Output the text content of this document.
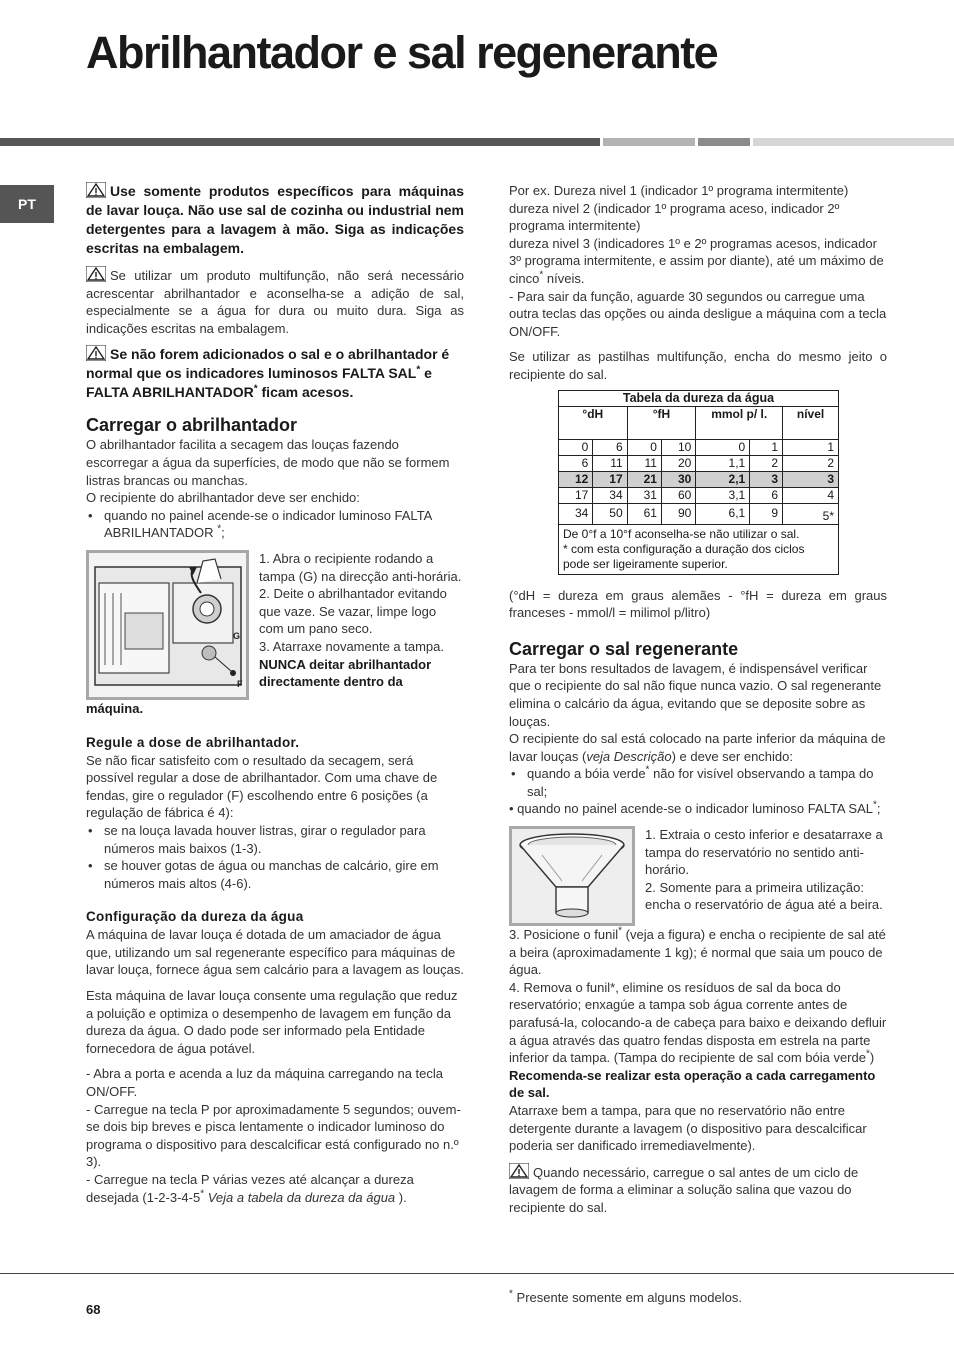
Abrilhantador e sal regenerante
PT

Use somente produtos específicos para máquinas de lavar louça. Não use sal de cozinha ou industrial nem detergentes para a lavagem à mão. Siga as indicações escritas na embalagem.

Se utilizar um produto multifunção, não será necessário acrescentar abrilhantador e aconselha-se a adição de sal, especialmente se a água for dura ou muito dura. Siga as indicações escritas na embalagem.

Se não forem adicionados o sal e o abrilhantador é normal que os indicadores luminosos FALTA SAL* e FALTA ABRILHANTADOR* ficam acesos.

Carregar o abrilhantador

O abrilhantador facilita a secagem das louças fazendo escorregar a água da superfícies, de modo que não se formem listras brancas ou manchas.

O recipiente do abrilhantador deve ser enchido:

• quando no painel acende-se o indicador luminoso FALTA ABRILHANTADOR *;

G
F

1. Abra o recipiente rodando a tampa (G) na direcção anti-horária.

2. Deite o abrilhantador evitando que vaze. Se vazar, limpe logo com um pano seco.

3. Atarraxe novamente a tampa.

NUNCA deitar abrilhantador directamente dentro da

máquina.

Regule a dose de abrilhantador.

Se não ficar satisfeito com o resultado da secagem, será possível regular a dose de abrilhantador. Com uma chave de fendas, gire o regulador (F) escolhendo entre 6 posições (a regulação de fábrica é 4):

• se na louça lavada houver listras, girar o regulador para números mais baixos (1-3).

• se houver gotas de água ou manchas de calcário, gire em números mais altos (4-6).

Configuração da dureza da água

A máquina de lavar louça é dotada de um amaciador de água que, utilizando um sal regenerante específico para máquinas de lavar louça, fornece água sem calcário para a lavagem as louças.

Esta máquina de lavar louça consente uma regulação que reduz a poluição e optimiza o desempenho de lavagem em função da dureza da água. O dado pode ser informado pela Entidade fornecedora de água potável.

- Abra a porta e acenda a luz da máquina carregando na tecla ON/OFF.

- Carregue na tecla P por aproximadamente 5 segundos; ouvem-se dois bip breves e pisca lentamente o indicador luminoso do programa o dispositivo para descalcificar está configurado no n.º 3).

- Carregue na tecla P várias vezes até alcançar a dureza desejada (1-2-3-4-5* Veja a tabela da dureza da água ).

Por ex. Dureza nivel 1 (indicador 1º programa intermitente)

dureza nivel 2 (indicador 1º programa aceso, indicador 2º programa intermitente)

dureza nivel 3 (indicadores 1º e 2º programas acesos, indicador 3º programa intermitente, e assim por diante), até um máximo de cinco* níveis.

- Para sair da função, aguarde 30 segundos ou carregue uma outra teclas das opções ou ainda desligue a máquina com a tecla ON/OFF.

Se utilizar as pastilhas multifunção, encha do mesmo jeito o recipiente do sal.

Tabela da dureza da água						
°dH		°fH		mmol p/ l.		nível
0	6	0	10	0	1	1
6	11	11	20	1,1	2	2
12	17	21	30	2,1	3	3
17	34	31	60	3,1	6	4
34	50	61	90	6,1	9	5*
De 0°f a 10°f aconselha-se não utilizar o sal.
* com esta configuração a duração dos ciclos pode ser ligeiramente superior.						

(°dH = dureza em graus alemães - °fH = dureza em graus franceses - mmol/l = milimol p/litro)

Carregar o sal regenerante

Para ter bons resultados de lavagem, é indispensável verificar que o recipiente do sal não fique nunca vazio. O sal regenerante elimina o calcário da água, evitando que se deposite sobre as louças.

O recipiente do sal está colocado na parte inferior da máquina de lavar louças (veja Descrição) e deve ser enchido:

• quando a bóia verde* não for visível observando a tampa do sal;

• quando no painel acende-se o indicador luminoso FALTA SAL*;

1. Extraia o cesto inferior e desatarraxe a tampa do reservatório no sentido anti-horário.

2. Somente para a primeira utilização: encha o reservatório de água até a beira.

3. Posicione o funil* (veja a figura) e encha o recipiente de sal até a beira (aproximadamente 1 kg); é normal que saia um pouco de água.

4. Remova o funil*, elimine os resíduos de sal da boca do reservatório; enxagúe a tampa sob água corrente antes de parafusá-la, colocando-a de cabeça para baixo e deixando defluir a água através das quatro fendas disposta em estrela na parte inferior da tampa. (Tampa do recipiente de sal com bóia verde*)

Recomenda-se realizar esta operação a cada carregamento de sal.

Atarraxe bem a tampa, para que no reservatório não entre detergente durante a lavagem (o dispositivo para descalcificar poderia ser danificado irremediavelmente).

Quando necessário, carregue o sal antes de um ciclo de lavagem de forma a eliminar a solução salina que vazou do recipiente do sal.

68
* Presente somente em alguns modelos.
